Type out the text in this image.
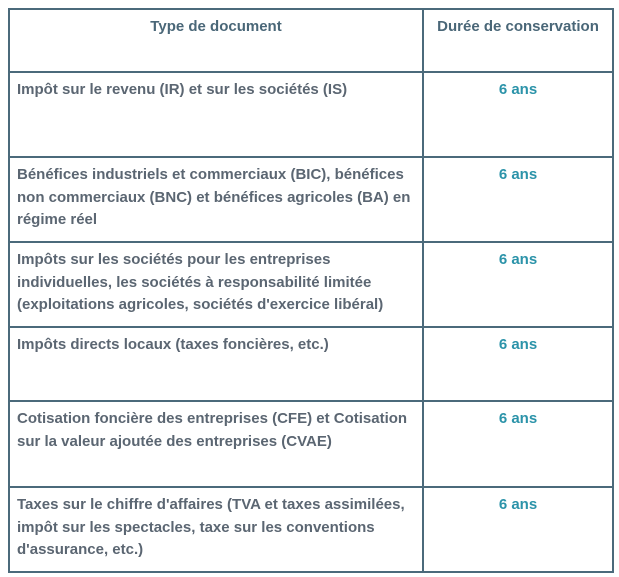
Type de document	Durée de conservation
Impôt sur le revenu (IR) et sur les sociétés (IS)	6 ans
Bénéfices industriels et commerciaux (BIC), bénéfices non commerciaux (BNC) et bénéfices agricoles (BA) en régime réel	6 ans
Impôts sur les sociétés pour les entreprises individuelles, les sociétés à responsabilité limitée (exploitations agricoles, sociétés d'exercice libéral)	6 ans
Impôts directs locaux (taxes foncières, etc.)	6 ans
Cotisation foncière des entreprises (CFE) et Cotisation sur la valeur ajoutée des entreprises (CVAE)	6 ans
Taxes sur le chiffre d'affaires (TVA et taxes assimilées, impôt sur les spectacles, taxe sur les conventions d'assurance, etc.)	6 ans
